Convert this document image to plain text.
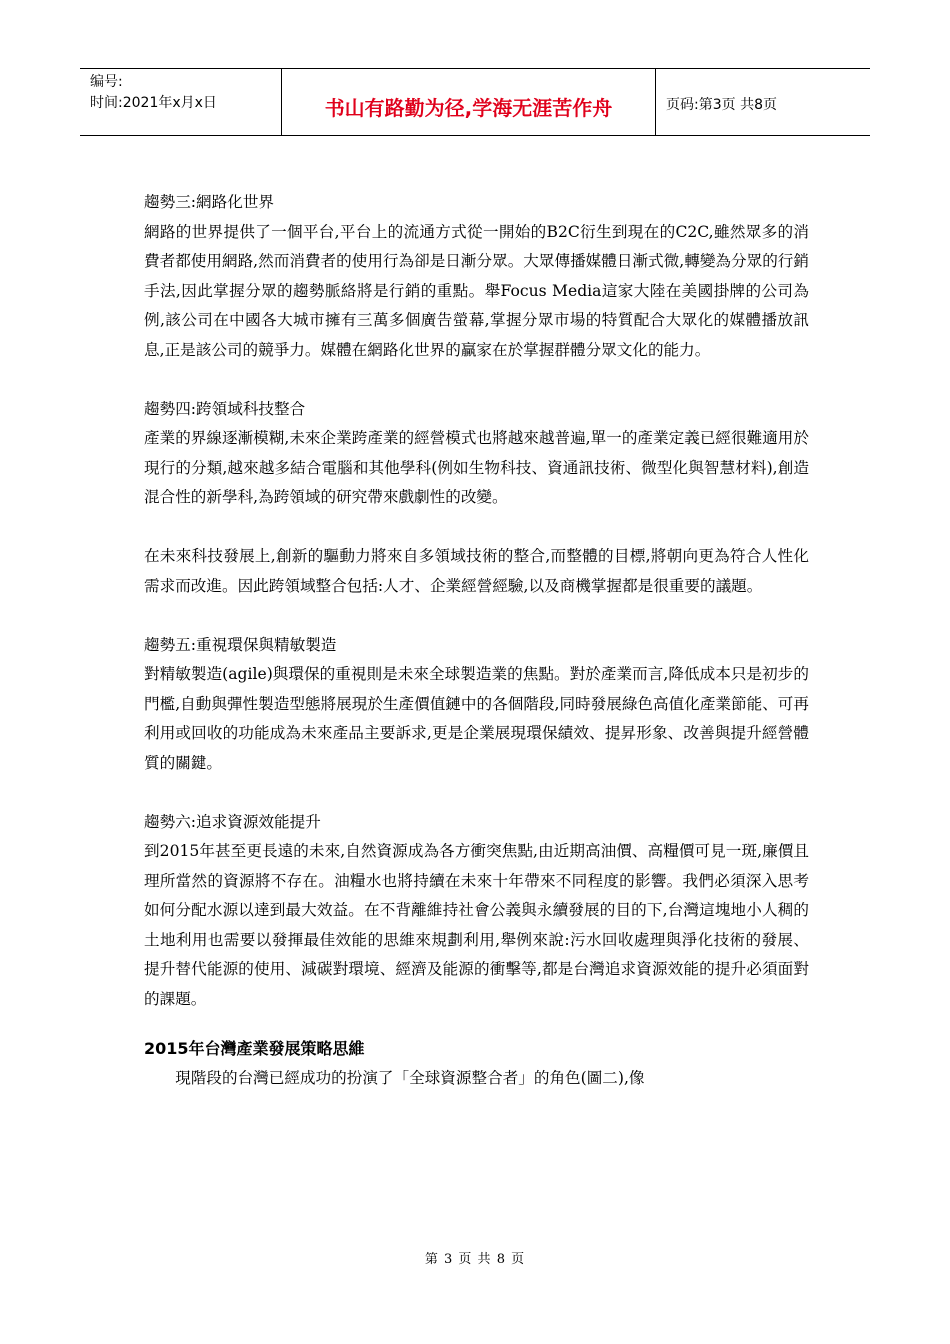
编号:
时间:2021年x月x日	书山有路勤为径,学海无涯苦作舟	页码:第3页 共8页

趨勢三:網路化世界

網路的世界提供了一個平台,平台上的流通方式從一開始的B2C衍生到現在的C2C,雖然眾多的消費者都使用網路,然而消費者的使用行為卻是日漸分眾。大眾傳播媒體日漸式微,轉變為分眾的行銷手法,因此掌握分眾的趨勢脈絡將是行銷的重點。舉Focus Media這家大陸在美國掛牌的公司為例,該公司在中國各大城市擁有三萬多個廣告螢幕,掌握分眾市場的特質配合大眾化的媒體播放訊息,正是該公司的競爭力。媒體在網路化世界的贏家在於掌握群體分眾文化的能力。

趨勢四:跨領域科技整合

產業的界線逐漸模糊,未來企業跨產業的經營模式也將越來越普遍,單一的產業定義已經很難適用於現行的分類,越來越多結合電腦和其他學科(例如生物科技、資通訊技術、微型化與智慧材料),創造混合性的新學科,為跨領域的研究帶來戲劇性的改變。

在未來科技發展上,創新的驅動力將來自多領域技術的整合,而整體的目標,將朝向更為符合人性化需求而改進。因此跨領域整合包括:人才、企業經營經驗,以及商機掌握都是很重要的議題。

趨勢五:重視環保與精敏製造

對精敏製造(agile)與環保的重視則是未來全球製造業的焦點。對於產業而言,降低成本只是初步的門檻,自動與彈性製造型態將展現於生產價值鏈中的各個階段,同時發展綠色高值化產業節能、可再利用或回收的功能成為未來產品主要訴求,更是企業展現環保績效、提昇形象、改善與提升經營體質的關鍵。

趨勢六:追求資源效能提升

到2015年甚至更長遠的未來,自然資源成為各方衝突焦點,由近期高油價、高糧價可見一斑,廉價且理所當然的資源將不存在。油糧水也將持續在未來十年帶來不同程度的影響。我們必須深入思考如何分配水源以達到最大效益。在不背離維持社會公義與永續發展的目的下,台灣這塊地小人稠的土地利用也需要以發揮最佳效能的思維來規劃利用,舉例來說:污水回收處理與淨化技術的發展、提升替代能源的使用、減碳對環境、經濟及能源的衝擊等,都是台灣追求資源效能的提升必須面對的課題。

2015年台灣產業發展策略思維

現階段的台灣已經成功的扮演了「全球資源整合者」的角色(圖二),像

第 3 页 共 8 页
